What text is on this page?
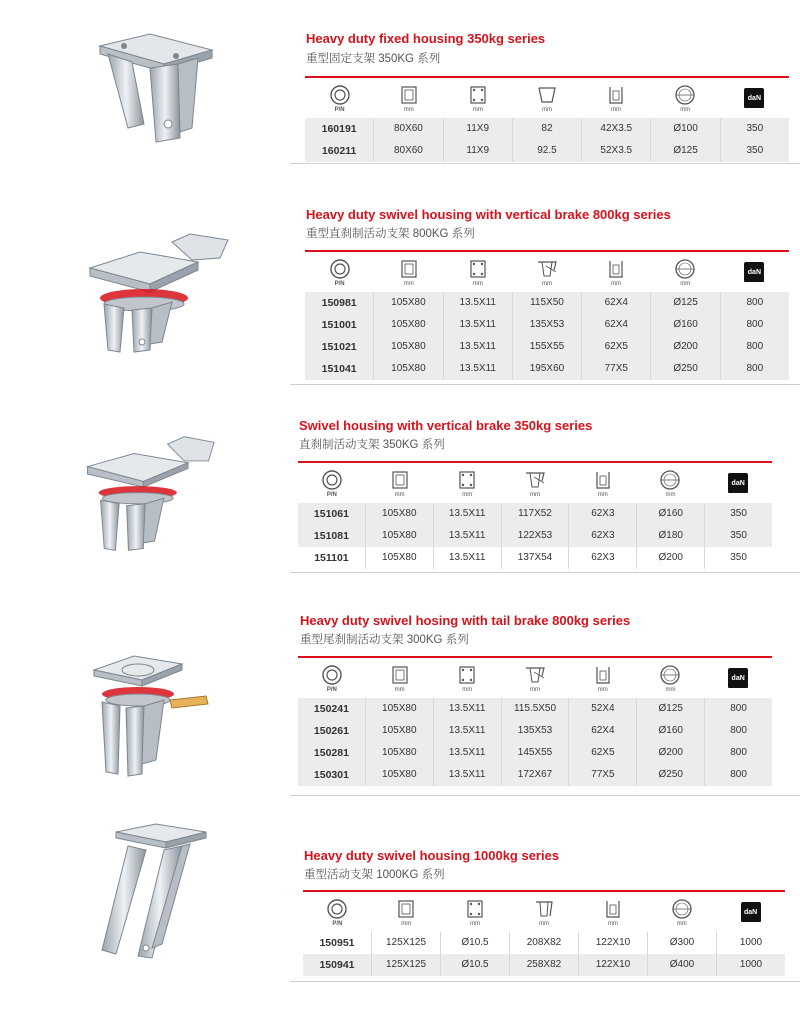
Heavy duty fixed housing 350kg series
重型固定支架 350KG 系列
P/N	mm	mm	mm	mm	mm
daN
160191	80X60	11X9	82	42X3.5	Ø100	350
160211	80X60	11X9	92.5	52X3.5	Ø125	350
Heavy duty swivel housing with vertical brake 800kg series
重型直刹制活动支架 800KG 系列
P/N	mm	mm	mm	mm	mm
daN
150981	105X80	13.5X11	115X50	62X4	Ø125	800
151001	105X80	13.5X11	135X53	62X4	Ø160	800
151021	105X80	13.5X11	155X55	62X5	Ø200	800
151041	105X80	13.5X11	195X60	77X5	Ø250	800
Swivel housing with vertical brake 350kg series
直刹制活动支架 350KG 系列
P/N	mm	mm	mm	mm	mm
daN
151061	105X80	13.5X11	117X52	62X3	Ø160	350
151081	105X80	13.5X11	122X53	62X3	Ø180	350
151101	105X80	13.5X11	137X54	62X3	Ø200	350
Heavy duty swivel hosing with tail brake 800kg series
重型尾刹制活动支架 300KG 系列
P/N	mm	mm	mm	mm	mm
daN
150241	105X80	13.5X11	115.5X50	52X4	Ø125	800
150261	105X80	13.5X11	135X53	62X4	Ø160	800
150281	105X80	13.5X11	145X55	62X5	Ø200	800
150301	105X80	13.5X11	172X67	77X5	Ø250	800
Heavy duty swivel housing 1000kg series
重型活动支架 1000KG 系列
P/N	mm	mm	mm	mm	mm
daN
150951	125X125	Ø10.5	208X82	122X10	Ø300	1000
150941	125X125	Ø10.5	258X82	122X10	Ø400	1000
